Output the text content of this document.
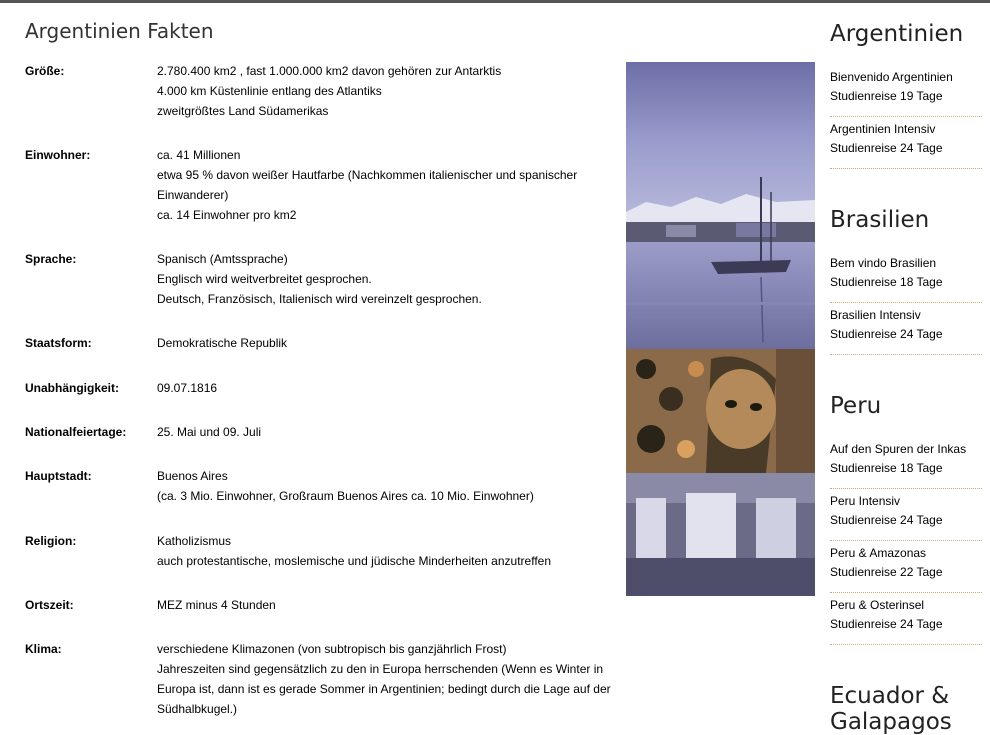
Argentinien Fakten
Größe:	2.780.400 km2 , fast 1.000.000 km2 davon gehören zur Antarktis
4.000 km Küstenlinie entlang des Atlantiks
zweitgrößtes Land Südamerikas
Einwohner:	ca. 41 Millionen
etwa 95 % davon weißer Hautfarbe (Nachkommen italienischer und spanischer Einwanderer)
ca. 14 Einwohner pro km2
Sprache:	Spanisch (Amtssprache)
Englisch wird weitverbreitet gesprochen.
Deutsch, Französisch, Italienisch wird vereinzelt gesprochen.
Staatsform:	Demokratische Republik
Unabhängigkeit:	09.07.1816
Nationalfeiertage:	25. Mai und 09. Juli
Hauptstadt:	Buenos Aires
(ca. 3 Mio. Einwohner, Großraum Buenos Aires ca. 10 Mio. Einwohner)
Religion:	Katholizismus
auch protestantische, moslemische und jüdische Minderheiten anzutreffen
Ortszeit:	MEZ minus 4 Stunden
Klima:	verschiedene Klimazonen (von subtropisch bis ganzjährlich Frost)
Jahreszeiten sind gegensätzlich zu den in Europa herrschenden (Wenn es Winter in Europa ist, dann ist es gerade Sommer in Argentinien; bedingt durch die Lage auf der Südhalbkugel.)
Argentinien
Bienvenido Argentinien
Studienreise 19 Tage
Argentinien Intensiv
Studienreise 24 Tage
Brasilien
Bem vindo Brasilien
Studienreise 18 Tage
Brasilien Intensiv
Studienreise 24 Tage
Peru
Auf den Spuren der Inkas
Studienreise 18 Tage
Peru Intensiv
Studienreise 24 Tage
Peru & Amazonas
Studienreise 22 Tage
Peru & Osterinsel
Studienreise 24 Tage
Ecuador & Galapagos
